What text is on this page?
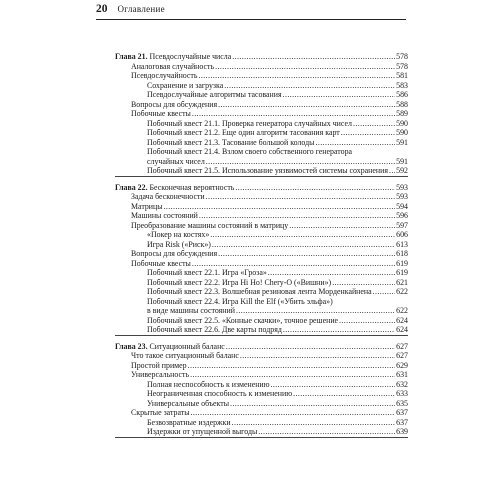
20 Оглавление
Глава 21. Псевдослучайные числа .....	578
Аналоговая случайность .....	578
Псевдослучайность .....	581
Сохранение и загрузка .....	583
Псевдослучайные алгоритмы тасования .....	586
Вопросы для обсуждения .....	588
Побочные квесты .....	589
Побочный квест 21.1. Проверка генератора случайных чисел .....	590
Побочный квест 21.2. Еще один алгоритм тасования карт .....	590
Побочный квест 21.3. Тасование большой колоды .....	591
Побочный квест 21.4. Взлом своего собственного генератора
случайных чисел .....	591
Побочный квест 21.5. Использование уязвимостей системы сохранения ..... 592
Глава 22. Бесконечная вероятность .....	593
Задача бесконечности .....	593
Матрицы .....	594
Машины состояний .....	596
Преобразование машины состояний в матрицу .....	597
«Покер на костях» .....	606
Игра Risk («Риск») .....	613
Вопросы для обсуждения .....	618
Побочные квесты .....	619
Побочный квест 22.1. Игра «Гроза» .....	619
Побочный квест 22.2. Игра Hi Ho! Chery-O («Вишни») .....	621
Побочный квест 22.3. Волшебная резиновая лента Морденкайнена .....	622
Побочный квест 22.4. Игра Kill the Elf («Убить эльфа»)
в виде машины состояний .....	622
Побочный квест 22.5. «Конные скачки», точное решение .....	624
Побочный квест 22.6. Две карты подряд .....	624
Глава 23. Ситуационный баланс .....	627
Что такое ситуационный баланс .....	627
Простой пример .....	629
Универсальность .....	631
Полная неспособность к изменению .....	632
Неограниченная способность к изменению .....	633
Универсальные объекты .....	635
Скрытые затраты .....	637
Безвозвратные издержки .....	637
Издержки от упущенной выгоды .....	639
